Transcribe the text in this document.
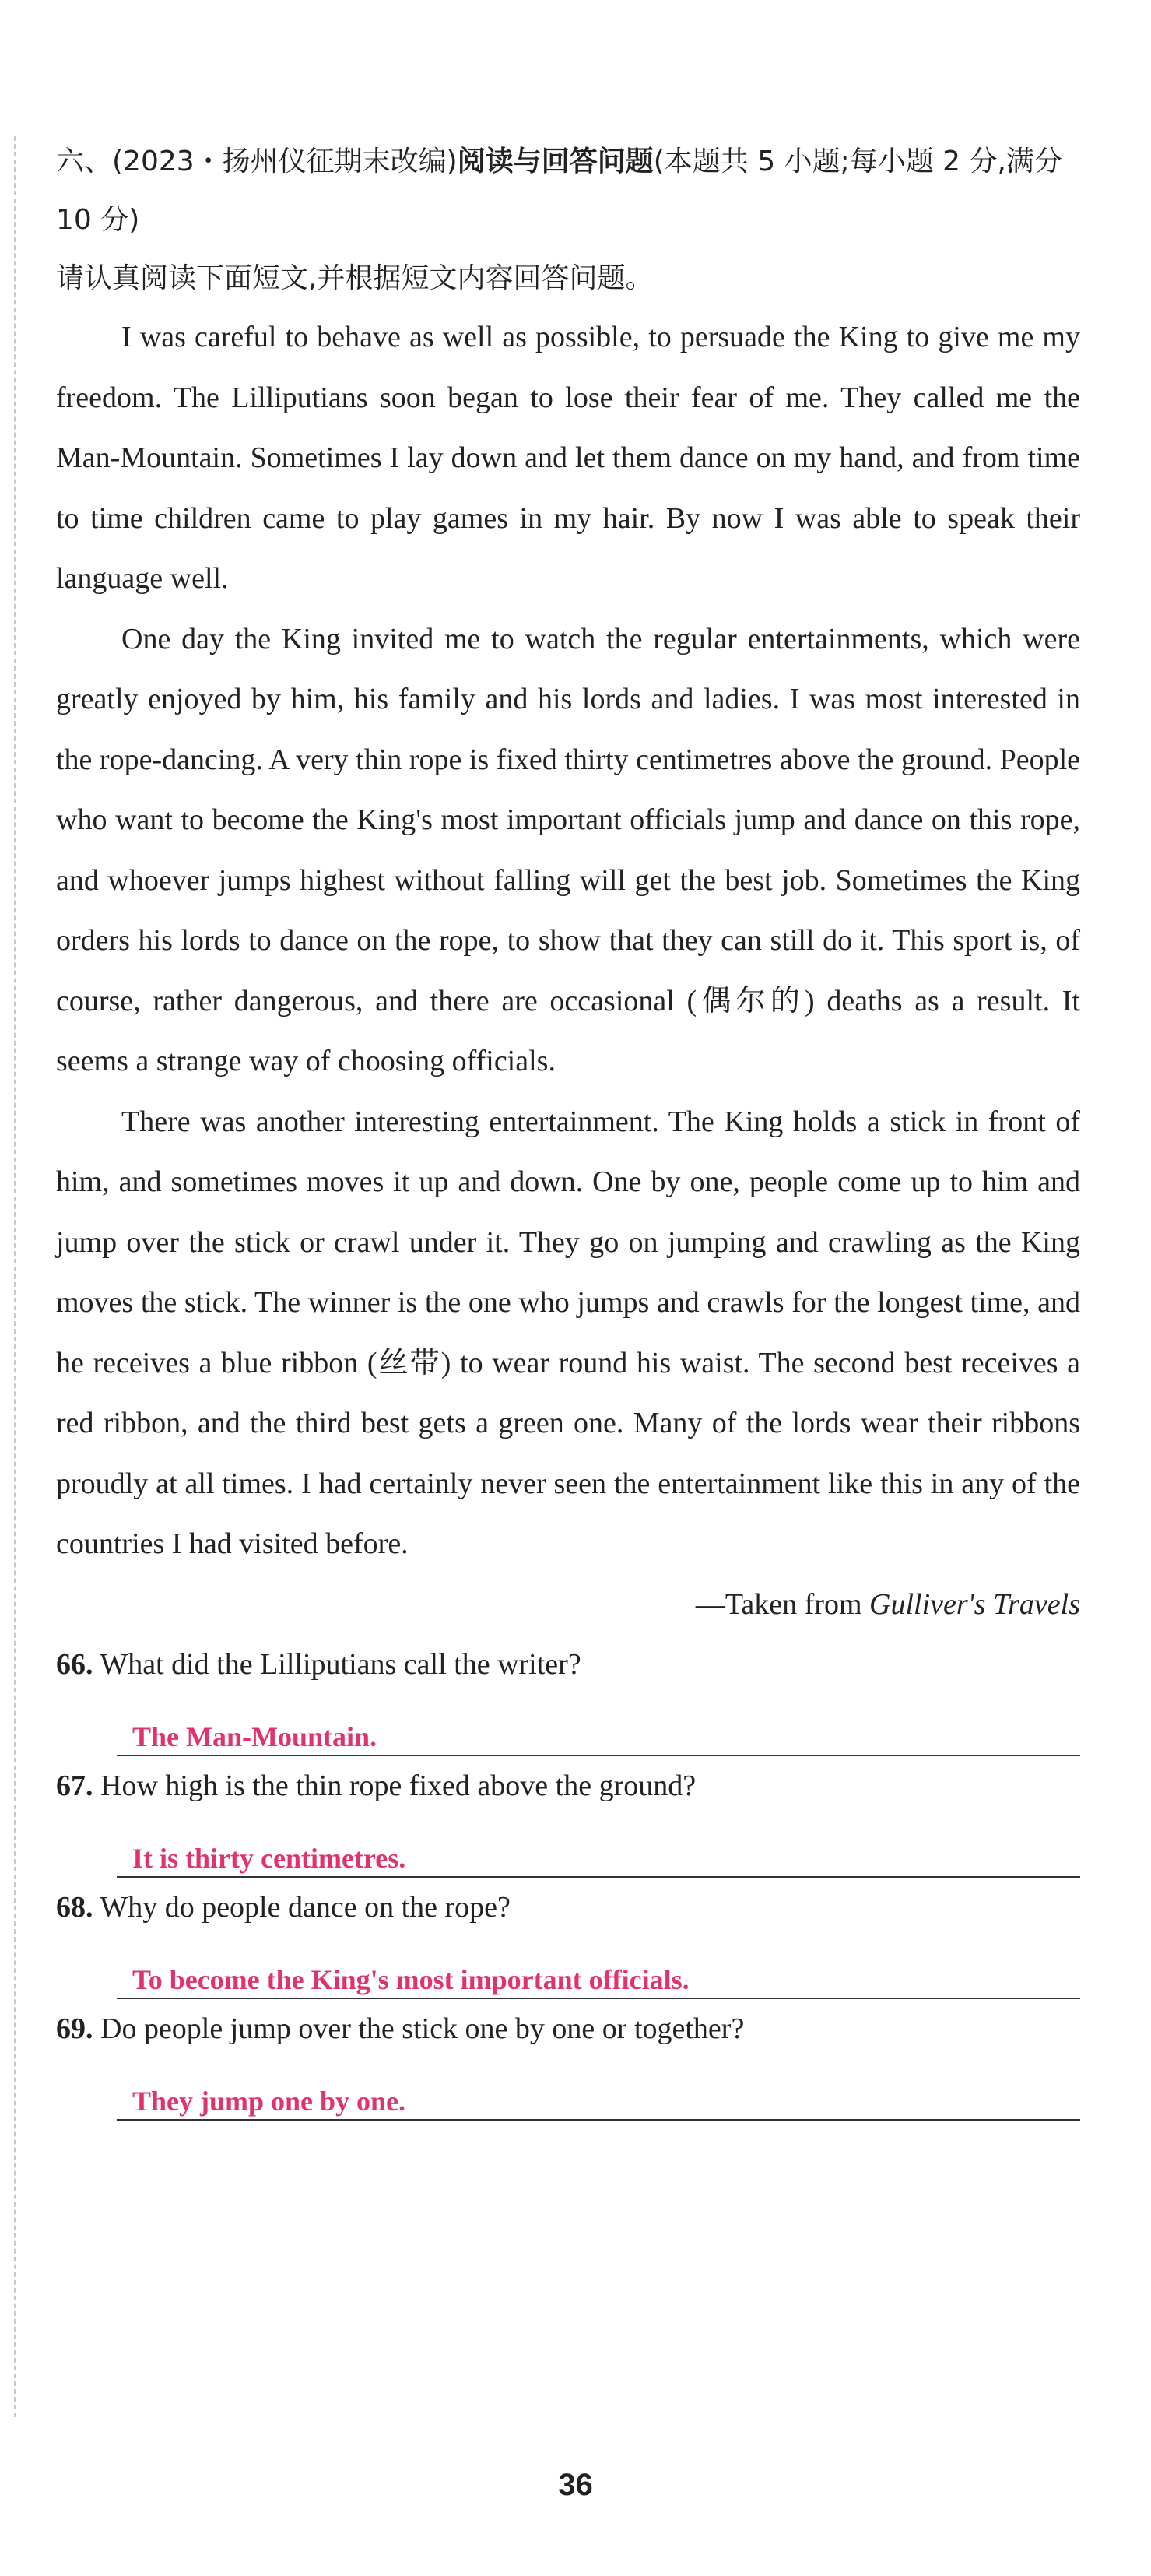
六、(2023・扬州仪征期末改编)阅读与回答问题(本题共 5 小题;每小题 2 分,满分 10 分)
请认真阅读下面短文,并根据短文内容回答问题。

I was careful to behave as well as possible, to persuade the King to give me my freedom. The Lilliputians soon began to lose their fear of me. They called me the Man-Mountain. Sometimes I lay down and let them dance on my hand, and from time to time children came to play games in my hair. By now I was able to speak their language well.

One day the King invited me to watch the regular entertainments, which were greatly enjoyed by him, his family and his lords and ladies. I was most interested in the rope-dancing. A very thin rope is fixed thirty centimetres above the ground. People who want to become the King's most important officials jump and dance on this rope, and whoever jumps highest without falling will get the best job. Sometimes the King orders his lords to dance on the rope, to show that they can still do it. This sport is, of course, rather dangerous, and there are occasional (偶尔的) deaths as a result. It seems a strange way of choosing officials.

There was another interesting entertainment. The King holds a stick in front of him, and sometimes moves it up and down. One by one, people come up to him and jump over the stick or crawl under it. They go on jumping and crawling as the King moves the stick. The winner is the one who jumps and crawls for the longest time, and he receives a blue ribbon (丝带) to wear round his waist. The second best receives a red ribbon, and the third best gets a green one. Many of the lords wear their ribbons proudly at all times. I had certainly never seen the entertainment like this in any of the countries I had visited before.

—Taken from Gulliver's Travels
66. What did the Lilliputians call the writer?
The Man-Mountain.
67. How high is the thin rope fixed above the ground?
It is thirty centimetres.
68. Why do people dance on the rope?
To become the King's most important officials.
69. Do people jump over the stick one by one or together?
They jump one by one.
36
